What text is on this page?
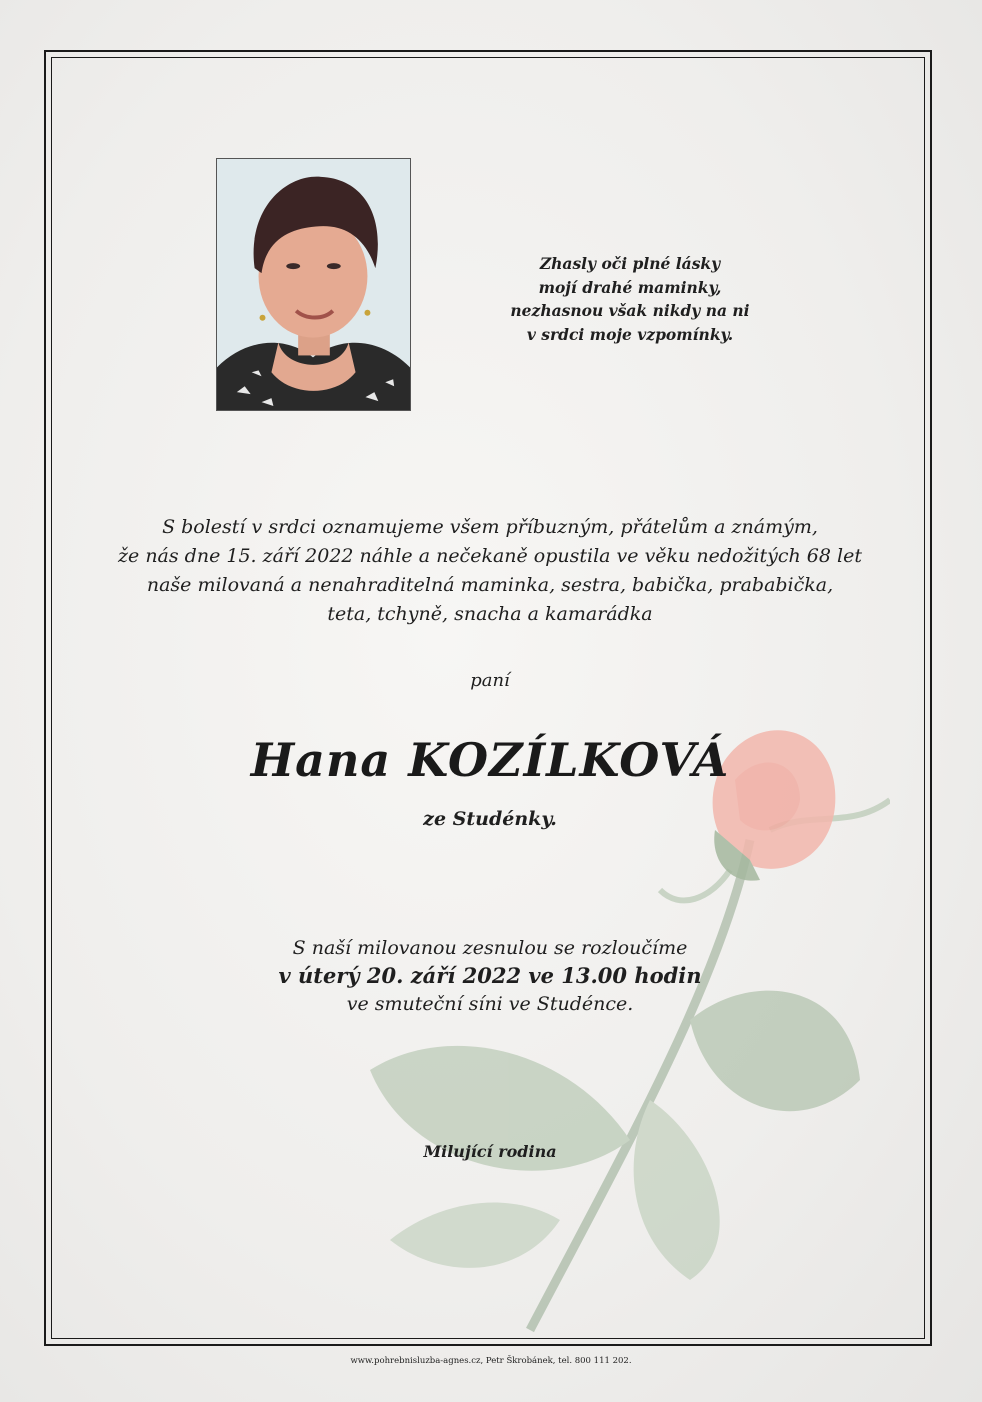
Zhasly oči plné lásky
mojí drahé maminky,
nezhasnou však nikdy na ni
v srdci moje vzpomínky.
S bolestí v srdci oznamujeme všem příbuzným, přátelům a známým,
že nás dne 15. září 2022 náhle a nečekaně opustila ve věku nedožitých 68 let
naše milovaná a nenahraditelná maminka, sestra, babička, prababička,
teta, tchyně, snacha a kamarádka
paní
Hana KOZÍLKOVÁ
ze Studénky.
S naší milovanou zesnulou se rozloučíme
v úterý 20. září 2022 ve 13.00 hodin
ve smuteční síni ve Studénce.
Milující rodina
www.pohrebnisluzba-agnes.cz, Petr Škrobánek, tel. 800 111 202.
